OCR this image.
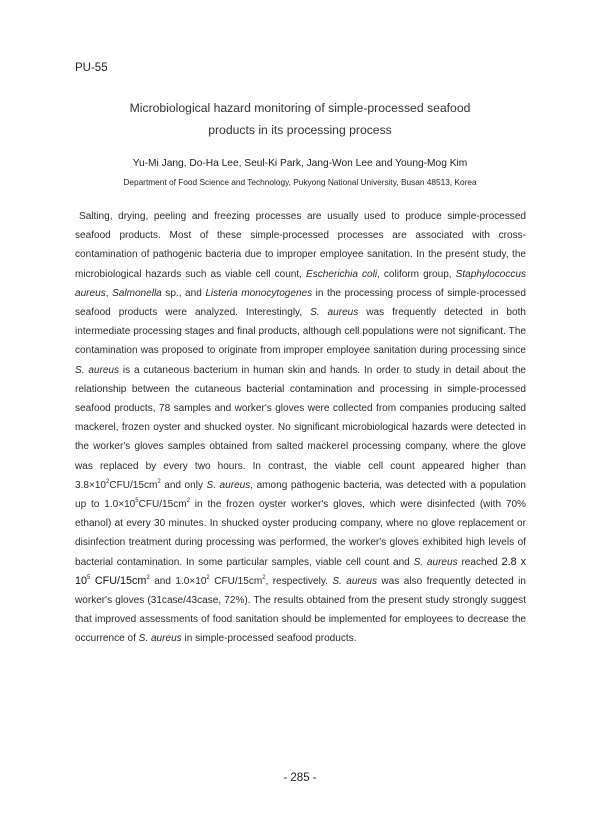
PU-55
Microbiological hazard monitoring of simple-processed seafood
products in its processing process
Yu-Mi Jang, Do-Ha Lee, Seul-Ki Park, Jang-Won Lee and Young-Mog Kim
Department of Food Science and Technology, Pukyong National University, Busan 48513, Korea

Salting, drying, peeling and freezing processes are usually used to produce simple-processed seafood products. Most of these simple-processed processes are associated with cross-contamination of pathogenic bacteria due to improper employee sanitation. In the present study, the microbiological hazards such as viable cell count, Escherichia coli, coliform group, Staphylococcus aureus, Salmonella sp., and Listeria monocytogenes in the processing process of simple-processed seafood products were analyzed. Interestingly, S. aureus was frequently detected in both intermediate processing stages and final products, although cell populations were not significant. The contamination was proposed to originate from improper employee sanitation during processing since S. aureus is a cutaneous bacterium in human skin and hands. In order to study in detail about the relationship between the cutaneous bacterial contamination and processing in simple-processed seafood products, 78 samples and worker's gloves were collected from companies producing salted mackerel, frozen oyster and shucked oyster. No significant microbiological hazards were detected in the worker's gloves samples obtained from salted mackerel processing company, where the glove was replaced by every two hours. In contrast, the viable cell count appeared higher than $3.8\times 10^2CFU/15cm^2$ and only S. aureus, among pathogenic bacteria, was detected with a population up to $1.0\times 10^5CFU/15cm^2$ in the frozen oyster worker's gloves, which were disinfected (with 70% ethanol) at every 30 minutes. In shucked oyster producing company, where no glove replacement or disinfection treatment during processing was performed, the worker's gloves exhibited high levels of bacterial contamination. In some particular samples, viable cell count and S. aureus reached 2.8 x $10^5$ CFU/$15cm^2$ and $1.0\times 10^2$ CFU/$15cm^2$, respectively. S. aureus was also frequently detected in worker's gloves (31case/43case, 72%). The results obtained from the present study strongly suggest that improved assessments of food sanitation should be implemented for employees to decrease the occurrence of S. aureus in simple-processed seafood products.

- 285 -
